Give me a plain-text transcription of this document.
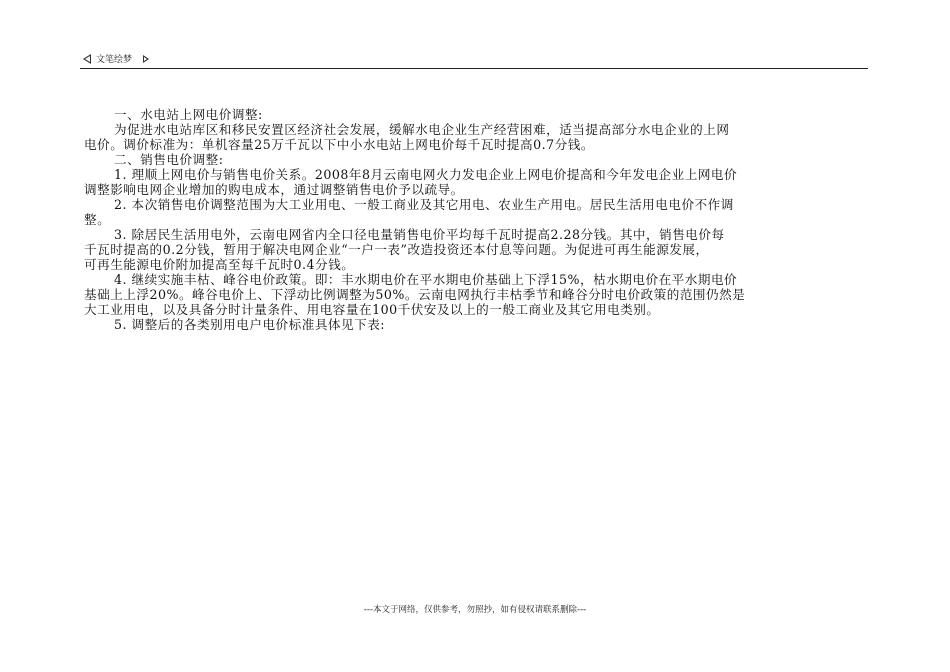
文笔绘梦
一、水电站上网电价调整:
为促进水电站库区和移民安置区经济社会发展，缓解水电企业生产经营困难，适当提高部分水电企业的上网
电价。调价标准为：单机容量25万千瓦以下中小水电站上网电价每千瓦时提高0.7分钱。
二、销售电价调整:
1. 理顺上网电价与销售电价关系。2008年8月云南电网火力发电企业上网电价提高和今年发电企业上网电价
调整影响电网企业增加的购电成本，通过调整销售电价予以疏导。
2. 本次销售电价调整范围为大工业用电、一般工商业及其它用电、农业生产用电。居民生活用电电价不作调
整。
3. 除居民生活用电外，云南电网省内全口径电量销售电价平均每千瓦时提高2.28分钱。其中，销售电价每
千瓦时提高的0.2分钱，暂用于解决电网企业“一户一表”改造投资还本付息等问题。为促进可再生能源发展，
可再生能源电价附加提高至每千瓦时0.4分钱。
4. 继续实施丰枯、峰谷电价政策。即：丰水期电价在平水期电价基础上下浮15%，枯水期电价在平水期电价
基础上上浮20%。峰谷电价上、下浮动比例调整为50%。云南电网执行丰枯季节和峰谷分时电价政策的范围仍然是
大工业用电，以及具备分时计量条件、用电容量在100千伏安及以上的一般工商业及其它用电类别。
5. 调整后的各类别用电户电价标准具体见下表:
---本文于网络，仅供参考，勿照抄，如有侵权请联系删除---
